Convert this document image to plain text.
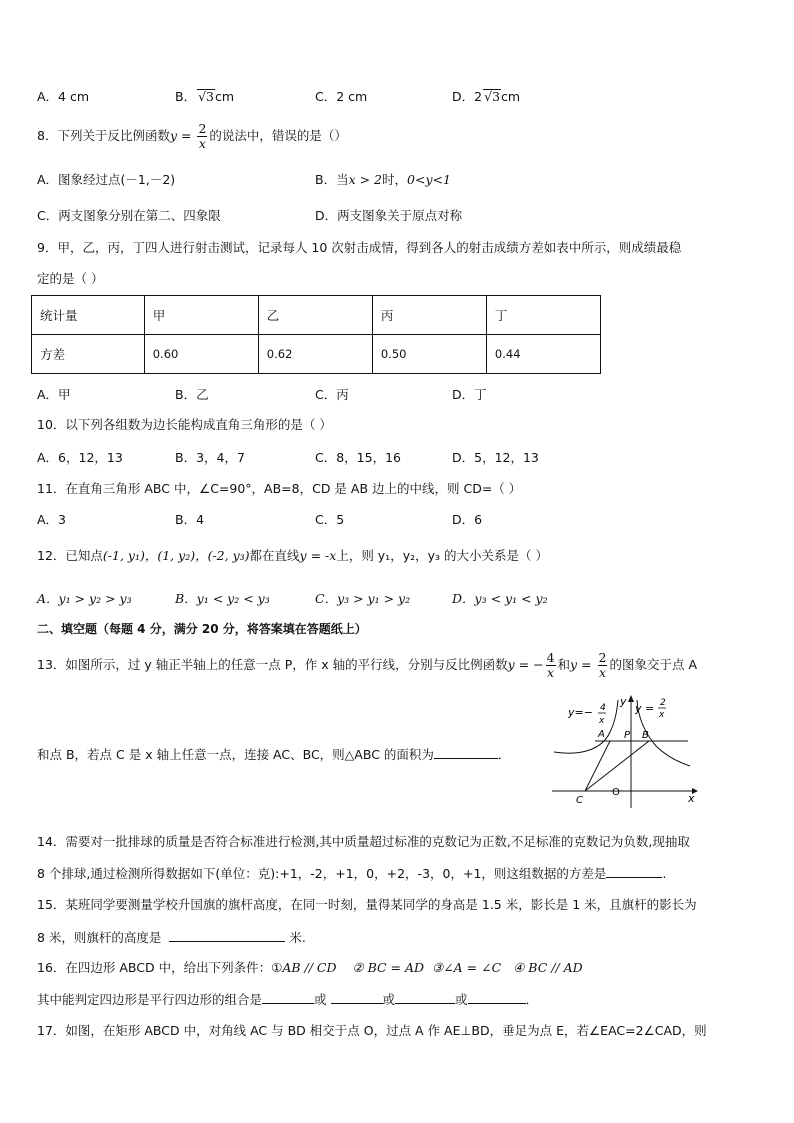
A．4 cm	B． √3cm	C．2 cm	D．2 √3cm
8．下列关于反比例函数$y = \frac{2}{x}$ 的说法中，错误的是（）
A．图象经过点(－1,－2)	B．当x > 2时，0<y<1
C．两支图象分别在第二、四象限	D．两支图象关于原点对称
9．甲，乙，丙，丁四人进行射击测试，记录每人 10 次射击成情，得到各人的射击成绩方差如表中所示，则成绩最稳
定的是（ ）
统计量	甲	乙	丙	丁
方差	0.60	0.62	0.50	0.44
A．甲	B．乙	C．丙	D．丁
10．以下列各组数为边长能构成直角三角形的是（ ）
A．6，12，13	B．3，4，7	C．8，15，16	D．5，12，13
11．在直角三角形 ABC 中，∠C=90°，AB=8，CD 是 AB 边上的中线，则 CD=（ ）
A．3	B．4	C．5	D．6
12．已知点(-1, y₁)，(1, y₂)，(-2, y₃)都在直线y = -x上，则 y₁，y₂，y₃ 的大小关系是（ ）
A．y₁ > y₂ > y₃	B．y₁ < y₂ < y₃	C．y₃ > y₁ > y₂	D．y₃ < y₁ < y₂
二、填空题（每题 4 分，满分 20 分，将答案填在答题纸上）
13．如图所示，过 y 轴正半轴上的任意一点 P，作 x 轴的平行线，分别与反比例函数y = − $\frac{4}{x}$ 和$y = \frac{2}{x}$ 的图象交于点 A
和点 B，若点 C 是 x 轴上任意一点，连接 AC、BC，则△ABC 的面积为	．
y=− 4
x
y = 2
x
y
x
A P B
C
O
14．需要对一批排球的质量是否符合标准进行检测,其中质量超过标准的克数记为正数,不足标准的克数记为负数,现抽取
8 个排球,通过检测所得数据如下(单位：克):+1，-2，+1，0，+2，-3，0，+1，则这组数据的方差是	.
15．某班同学要测量学校升国旗的旗杆高度，在同一时刻，量得某同学的身高是 1.5 米，影长是 1 米，且旗杆的影长为
8 米，则旗杆的高度是	米.
16．在四边形 ABCD 中，给出下列条件：①AB // CD ② BC = AD ③∠A = ∠C ④ BC // AD
其中能判定四边形是平行四边形的组合是	或	或	或	．
17．如图，在矩形 ABCD 中，对角线 AC 与 BD 相交于点 O，过点 A 作 AE⊥BD，垂足为点 E，若∠EAC=2∠CAD，则
